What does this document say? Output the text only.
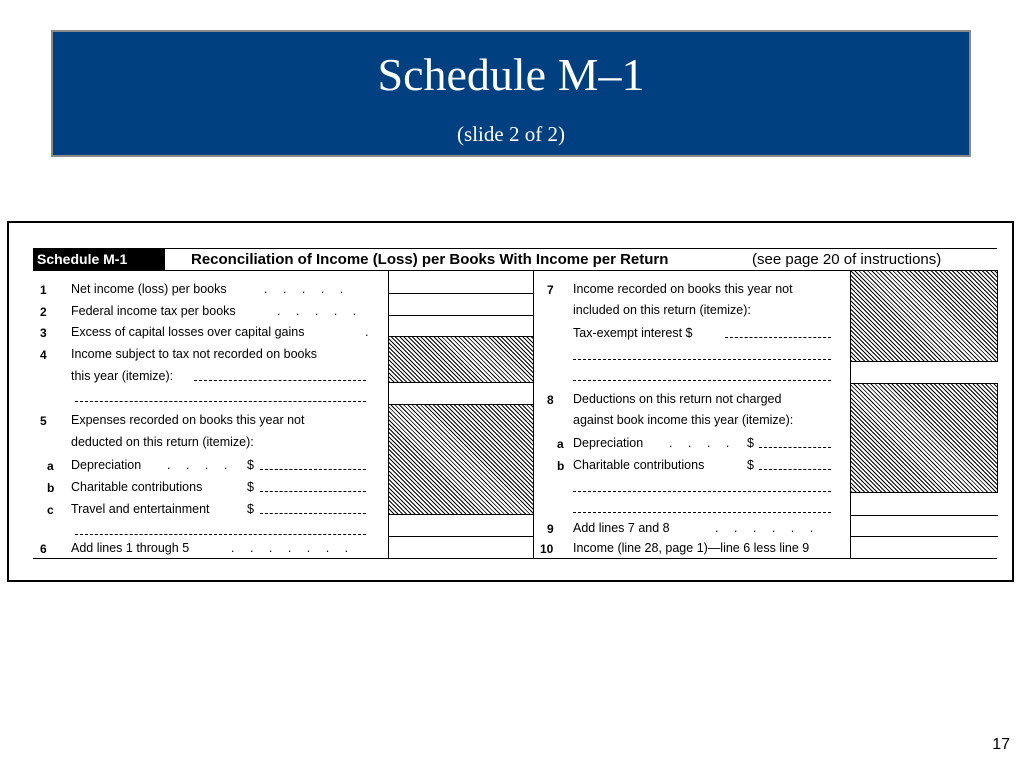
Schedule M–1
(slide 2 of 2)
Schedule M-1	Reconciliation of Income (Loss) per Books With Income per Return	(see page 20 of instructions)
1 Net income (loss) per books	. . . . .
2 Federal income tax per books	. . . . .
3 Excess of capital losses over capital gains	.
4 Income subject to tax not recorded on books
this year (itemize):
5 Expenses recorded on books this year not
deducted on this return (itemize):
a Depreciation . . . . $
b Charitable contributions	$
c Travel and entertainment	$
6 Add lines 1 through 5	. . . . . . .
7 Income recorded on books this year not
included on this return (itemize):
Tax-exempt interest $
8 Deductions on this return not charged
against book income this year (itemize):
a Depreciation . . . . $
b Charitable contributions	$
9 Add lines 7 and 8	. . . . . .
10 Income (line 28, page 1)—line 6 less line 9
17
